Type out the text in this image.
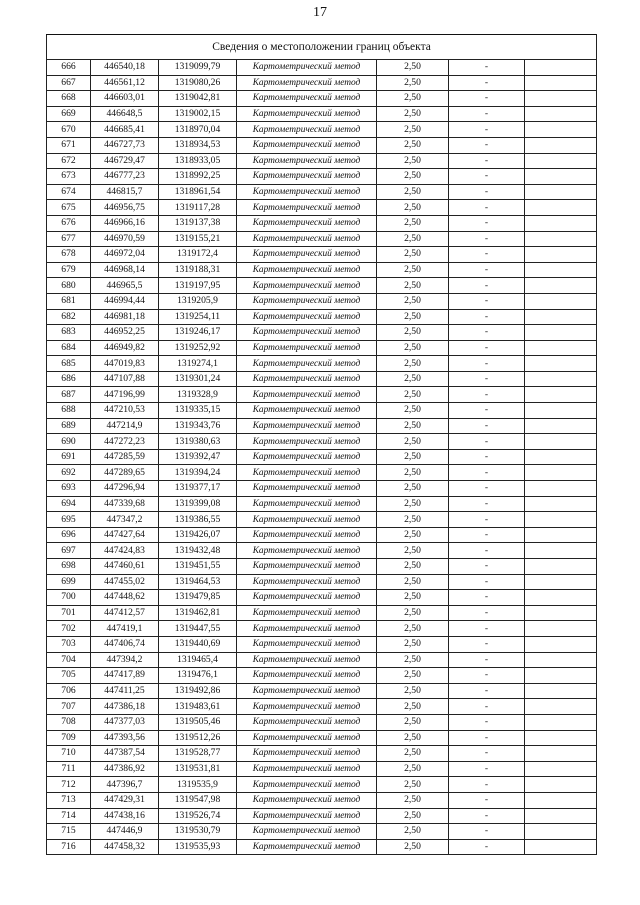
17
Сведения о местоположении границ объекта						
666	446540,18	1319099,79	Картометрический метод	2,50	-	
667	446561,12	1319080,26	Картометрический метод	2,50	-	
668	446603,01	1319042,81	Картометрический метод	2,50	-	
669	446648,5	1319002,15	Картометрический метод	2,50	-	
670	446685,41	1318970,04	Картометрический метод	2,50	-	
671	446727,73	1318934,53	Картометрический метод	2,50	-	
672	446729,47	1318933,05	Картометрический метод	2,50	-	
673	446777,23	1318992,25	Картометрический метод	2,50	-	
674	446815,7	1318961,54	Картометрический метод	2,50	-	
675	446956,75	1319117,28	Картометрический метод	2,50	-	
676	446966,16	1319137,38	Картометрический метод	2,50	-	
677	446970,59	1319155,21	Картометрический метод	2,50	-	
678	446972,04	1319172,4	Картометрический метод	2,50	-	
679	446968,14	1319188,31	Картометрический метод	2,50	-	
680	446965,5	1319197,95	Картометрический метод	2,50	-	
681	446994,44	1319205,9	Картометрический метод	2,50	-	
682	446981,18	1319254,11	Картометрический метод	2,50	-	
683	446952,25	1319246,17	Картометрический метод	2,50	-	
684	446949,82	1319252,92	Картометрический метод	2,50	-	
685	447019,83	1319274,1	Картометрический метод	2,50	-	
686	447107,88	1319301,24	Картометрический метод	2,50	-	
687	447196,99	1319328,9	Картометрический метод	2,50	-	
688	447210,53	1319335,15	Картометрический метод	2,50	-	
689	447214,9	1319343,76	Картометрический метод	2,50	-	
690	447272,23	1319380,63	Картометрический метод	2,50	-	
691	447285,59	1319392,47	Картометрический метод	2,50	-	
692	447289,65	1319394,24	Картометрический метод	2,50	-	
693	447296,94	1319377,17	Картометрический метод	2,50	-	
694	447339,68	1319399,08	Картометрический метод	2,50	-	
695	447347,2	1319386,55	Картометрический метод	2,50	-	
696	447427,64	1319426,07	Картометрический метод	2,50	-	
697	447424,83	1319432,48	Картометрический метод	2,50	-	
698	447460,61	1319451,55	Картометрический метод	2,50	-	
699	447455,02	1319464,53	Картометрический метод	2,50	-	
700	447448,62	1319479,85	Картометрический метод	2,50	-	
701	447412,57	1319462,81	Картометрический метод	2,50	-	
702	447419,1	1319447,55	Картометрический метод	2,50	-	
703	447406,74	1319440,69	Картометрический метод	2,50	-	
704	447394,2	1319465,4	Картометрический метод	2,50	-	
705	447417,89	1319476,1	Картометрический метод	2,50	-	
706	447411,25	1319492,86	Картометрический метод	2,50	-	
707	447386,18	1319483,61	Картометрический метод	2,50	-	
708	447377,03	1319505,46	Картометрический метод	2,50	-	
709	447393,56	1319512,26	Картометрический метод	2,50	-	
710	447387,54	1319528,77	Картометрический метод	2,50	-	
711	447386,92	1319531,81	Картометрический метод	2,50	-	
712	447396,7	1319535,9	Картометрический метод	2,50	-	
713	447429,31	1319547,98	Картометрический метод	2,50	-	
714	447438,16	1319526,74	Картометрический метод	2,50	-	
715	447446,9	1319530,79	Картометрический метод	2,50	-	
716	447458,32	1319535,93	Картометрический метод	2,50	-	
